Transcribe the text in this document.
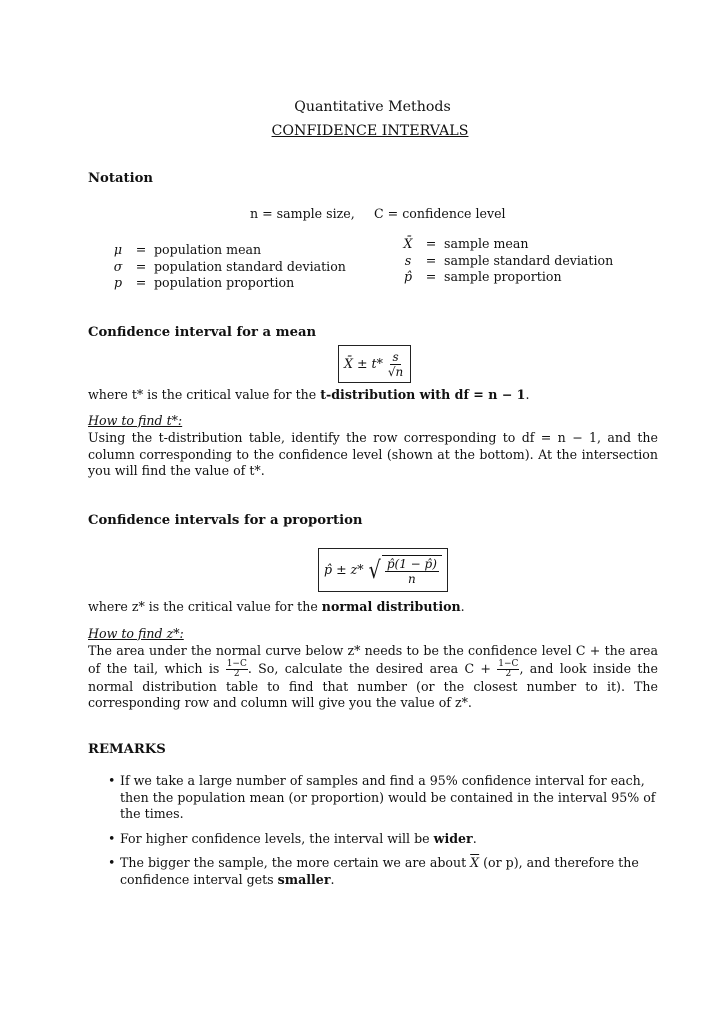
Quantitative Methods
CONFIDENCE INTERVALS
Notation
n = sample size, C = confidence level
μ	= population mean
σ	= population standard deviation
p	= population proportion
X̄	= sample mean
s	= sample standard deviation
p̂	= sample proportion
Confidence interval for a mean
X̄ ± $t* \frac{s}{√n}$
where t* is the critical value for the t-distribution with df = n − 1.
How to find t*:
Using the t-distribution table, identify the row corresponding to df = n − 1, and the column corresponding to the confidence level (shown at the bottom). At the intersection you will find the value of t*.
Confidence intervals for a proportion
p̂ ± z* √ $\frac{p̂(1 - p̂)}{n}$
where z* is the critical value for the normal distribution.
How to find z*:
The area under the normal curve below z* needs to be the confidence level C + the area of the tail, which is $\frac{1-C}{2}$ . So, calculate the desired area $C + \frac{1-C}{2}$ , and look inside the normal distribution table to find that number (or the closest number to it). The corresponding row and column will give you the value of z*.
REMARKS
• If we take a large number of samples and find a 95% confidence interval for each, then the population mean (or proportion) would be contained in the interval 95% of the times.
• For higher confidence levels, the interval will be wider.
• The bigger the sample, the more certain we are about $\overline{X}$ (or p), and therefore the confidence interval gets smaller.
